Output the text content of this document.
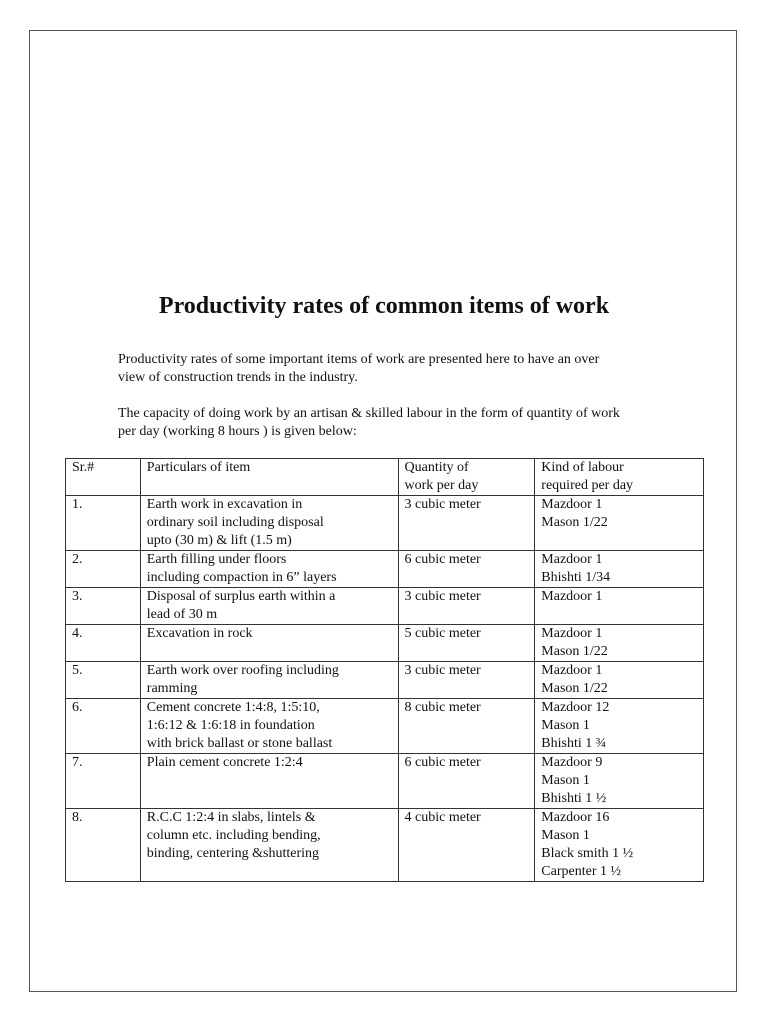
Productivity rates of common items of work

Productivity rates of some important items of work are presented here to have an over
view of construction trends in the industry.

The capacity of doing work by an artisan & skilled labour in the form of quantity of work
per day (working 8 hours ) is given below:

Sr.#	Particulars of item	Quantity of
work per day	Kind of labour
required per day

1.	Earth work in excavation in
ordinary soil including disposal
upto (30 m) & lift (1.5 m)	3 cubic meter	Mazdoor 1
Mason 1/22

2.	Earth filling under floors
including compaction in 6” layers	6 cubic meter	Mazdoor 1
Bhishti 1/34

3.	Disposal of surplus earth within a
lead of 30 m	3 cubic meter	Mazdoor 1

4.	Excavation in rock	5 cubic meter	Mazdoor 1
Mason 1/22

5.	Earth work over roofing including
ramming	3 cubic meter	Mazdoor 1
Mason 1/22

6.	Cement concrete 1:4:8, 1:5:10,
1:6:12 & 1:6:18 in foundation
with brick ballast or stone ballast	8 cubic meter	Mazdoor 12
Mason 1
Bhishti 1 ¾

7.	Plain cement concrete 1:2:4	6 cubic meter	Mazdoor 9
Mason 1
Bhishti 1 ½

8.	R.C.C 1:2:4 in slabs, lintels &
column etc. including bending,
binding, centering &shuttering	4 cubic meter	Mazdoor 16
Mason 1
Black smith 1 ½
Carpenter 1 ½
